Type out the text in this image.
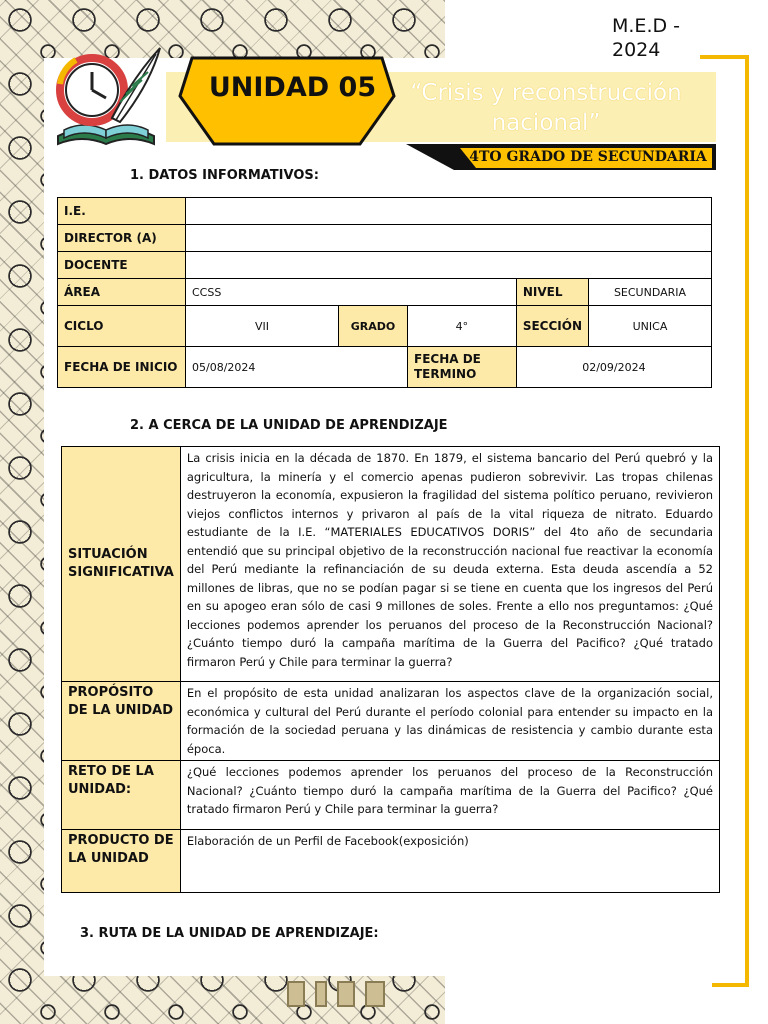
M.E.D - 2024
UNIDAD 05	“Crisis y reconstrucción nacional”
4TO GRADO DE SECUNDARIA
1. DATOS INFORMATIVOS:
I.E.					
DIRECTOR (A)					
DOCENTE					
ÁREA	CCSS			NIVEL	SECUNDARIA
CICLO	VII	GRADO	4°	SECCIÓN	UNICA
FECHA DE INICIO	05/08/2024		FECHA DE TERMINO	02/09/2024	
2. A CERCA DE LA UNIDAD DE APRENDIZAJE
SITUACIÓN SIGNIFICATIVA	La crisis inicia en la década de 1870. En 1879, el sistema bancario del Perú quebró y la agricultura, la minería y el comercio apenas pudieron sobrevivir. Las tropas chilenas destruyeron la economía, expusieron la fragilidad del sistema político peruano, revivieron viejos conflictos internos y privaron al país de la vital riqueza de nitrato. Eduardo estudiante de la I.E. “MATERIALES EDUCATIVOS DORIS” del 4to año de secundaria entendió que su principal objetivo de la reconstrucción nacional fue reactivar la economía del Perú mediante la refinanciación de su deuda externa. Esta deuda ascendía a 52 millones de libras, que no se podían pagar si se tiene en cuenta que los ingresos del Perú en su apogeo eran sólo de casi 9 millones de soles. Frente a ello nos preguntamos: ¿Qué lecciones podemos aprender los peruanos del proceso de la Reconstrucción Nacional? ¿Cuánto tiempo duró la campaña marítima de la Guerra del Pacifico? ¿Qué tratado firmaron Perú y Chile para terminar la guerra?
PROPÓSITO DE LA UNIDAD	En el propósito de esta unidad analizaran los aspectos clave de la organización social, económica y cultural del Perú durante el período colonial para entender su impacto en la formación de la sociedad peruana y las dinámicas de resistencia y cambio durante esta época.
RETO DE LA UNIDAD:	¿Qué lecciones podemos aprender los peruanos del proceso de la Reconstrucción Nacional? ¿Cuánto tiempo duró la campaña marítima de la Guerra del Pacifico? ¿Qué tratado firmaron Perú y Chile para terminar la guerra?
PRODUCTO DE LA UNIDAD	Elaboración de un Perfil de Facebook(exposición)
3. RUTA DE LA UNIDAD DE APRENDIZAJE:
